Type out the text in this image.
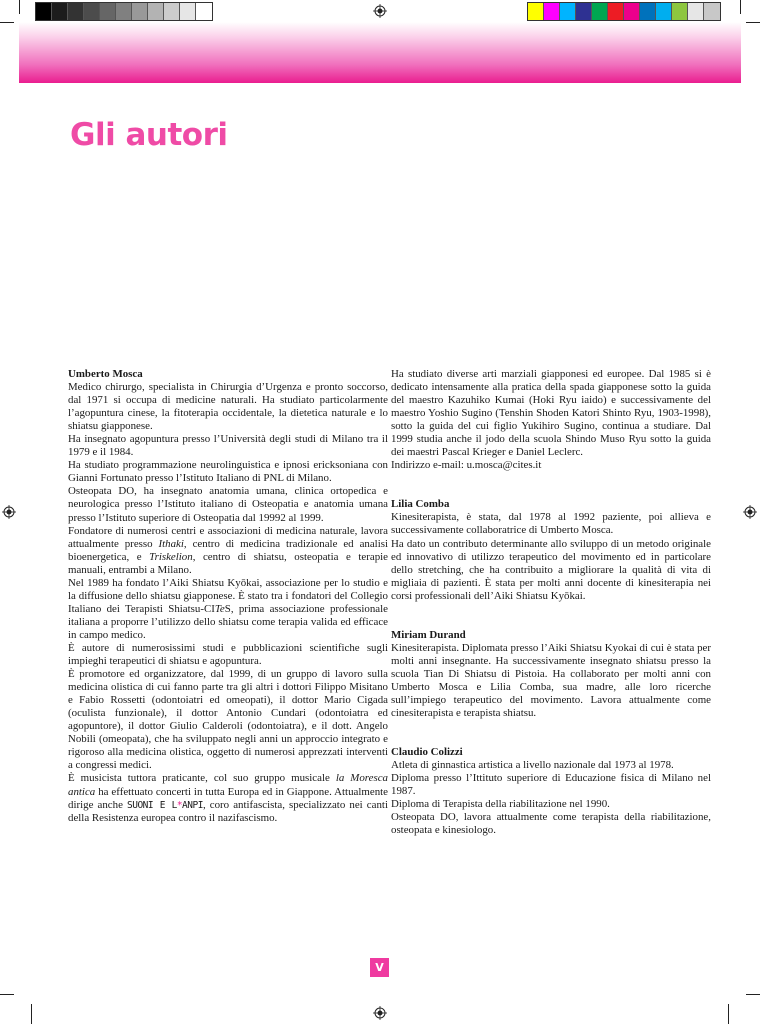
Gli autori

Umberto Mosca

Medico chirurgo, specialista in Chirurgia d’Urgenza e pronto soccorso, dal 1971 si occupa di medicine naturali. Ha studiato particolarmente l’agopuntura cinese, la fitoterapia occidentale, la dietetica naturale e lo shiatsu giapponese.

Ha insegnato agopuntura presso l’Università degli studi di Milano tra il 1979 e il 1984.

Ha studiato programmazione neurolinguistica e ipnosi ericksoniana con Gianni Fortunato presso l’Istituto Italiano di PNL di Milano.

Osteopata DO, ha insegnato anatomia umana, clinica ortopedica e neurologica presso l’Istituto italiano di Osteopatia e anatomia umana presso l’Istituto superiore di Osteopatia dal 19992 al 1999.

Fondatore di numerosi centri e associazioni di medicina naturale, lavora attualmente presso Ithaki, centro di medicina tradizionale ed analisi bioenergetica, e Triskelion, centro di shiatsu, osteopatia e terapie manuali, entrambi a Milano.

Nel 1989 ha fondato l’Aiki Shiatsu Kyōkai, associazione per lo studio e la diffusione dello shiatsu giapponese. È stato tra i fondatori del Collegio Italiano dei Terapisti Shiatsu-CITeS, prima associazione professionale italiana a proporre l’utilizzo dello shiatsu come terapia valida ed efficace in campo medico.

È autore di numerosissimi studi e pubblicazioni scientifiche sugli impieghi terapeutici di shiatsu e agopuntura.

È promotore ed organizzatore, dal 1999, di un gruppo di lavoro sulla medicina olistica di cui fanno parte tra gli altri i dottori Filippo Misitano e Fabio Rossetti (odontoiatri ed omeopati), il dottor Mario Cigada (oculista funzionale), il dottor Antonio Cundari (odontoiatra ed agopuntore), il dottor Giulio Calderoli (odontoiatra), e il dott. Angelo Nobili (omeopata), che ha sviluppato negli anni un approccio integrato e rigoroso alla medicina olistica, oggetto di numerosi apprezzati interventi a congressi medici.

È musicista tuttora praticante, col suo gruppo musicale la Moresca antica ha effettuato concerti in tutta Europa ed in Giappone. Attualmente dirige anche SUONI E L*ANPI, coro antifascista, specializzato nei canti della Resistenza europea contro il nazifascismo.

Ha studiato diverse arti marziali giapponesi ed europee. Dal 1985 si è dedicato intensamente alla pratica della spada giapponese sotto la guida del maestro Kazuhiko Kumai (Hoki Ryu iaido) e successivamente del maestro Yoshio Sugino (Tenshin Shoden Katori Shinto Ryu, 1903-1998), sotto la guida del cui figlio Yukihiro Sugino, continua a studiare. Dal 1999 studia anche il jodo della scuola Shindo Muso Ryu sotto la guida dei maestri Pascal Krieger e Daniel Leclerc.

Indirizzo e-mail: u.mosca@cites.it

Lilia Comba

Kinesiterapista, è stata, dal 1978 al 1992 paziente, poi allieva e successivamente collaboratrice di Umberto Mosca.

Ha dato un contributo determinante allo sviluppo di un metodo originale ed innovativo di utilizzo terapeutico del movimento ed in particolare dello stretching, che ha contribuito a migliorare la qualità di vita di migliaia di pazienti. È stata per molti anni docente di kinesiterapia nei corsi professionali dell’Aiki Shiatsu Kyōkai.

Miriam Durand

Kinesiterapista. Diplomata presso l’Aiki Shiatsu Kyokai di cui è stata per molti anni insegnante. Ha successivamente insegnato shiatsu presso la scuola Tian Di Shiatsu di Pistoia. Ha collaborato per molti anni con Umberto Mosca e Lilia Comba, sua madre, alle loro ricerche sull’impiego terapeutico del movimento. Lavora attualmente come cinesiterapista e terapista shiatsu.

Claudio Colizzi

Atleta di ginnastica artistica a livello nazionale dal 1973 al 1978.

Diploma presso l’Ittituto superiore di Educazione fisica di Milano nel 1987.

Diploma di Terapista della riabilitazione nel 1990.

Osteopata DO, lavora attualmente come terapista della riabilitazione, osteopata e kinesiologo.

V
